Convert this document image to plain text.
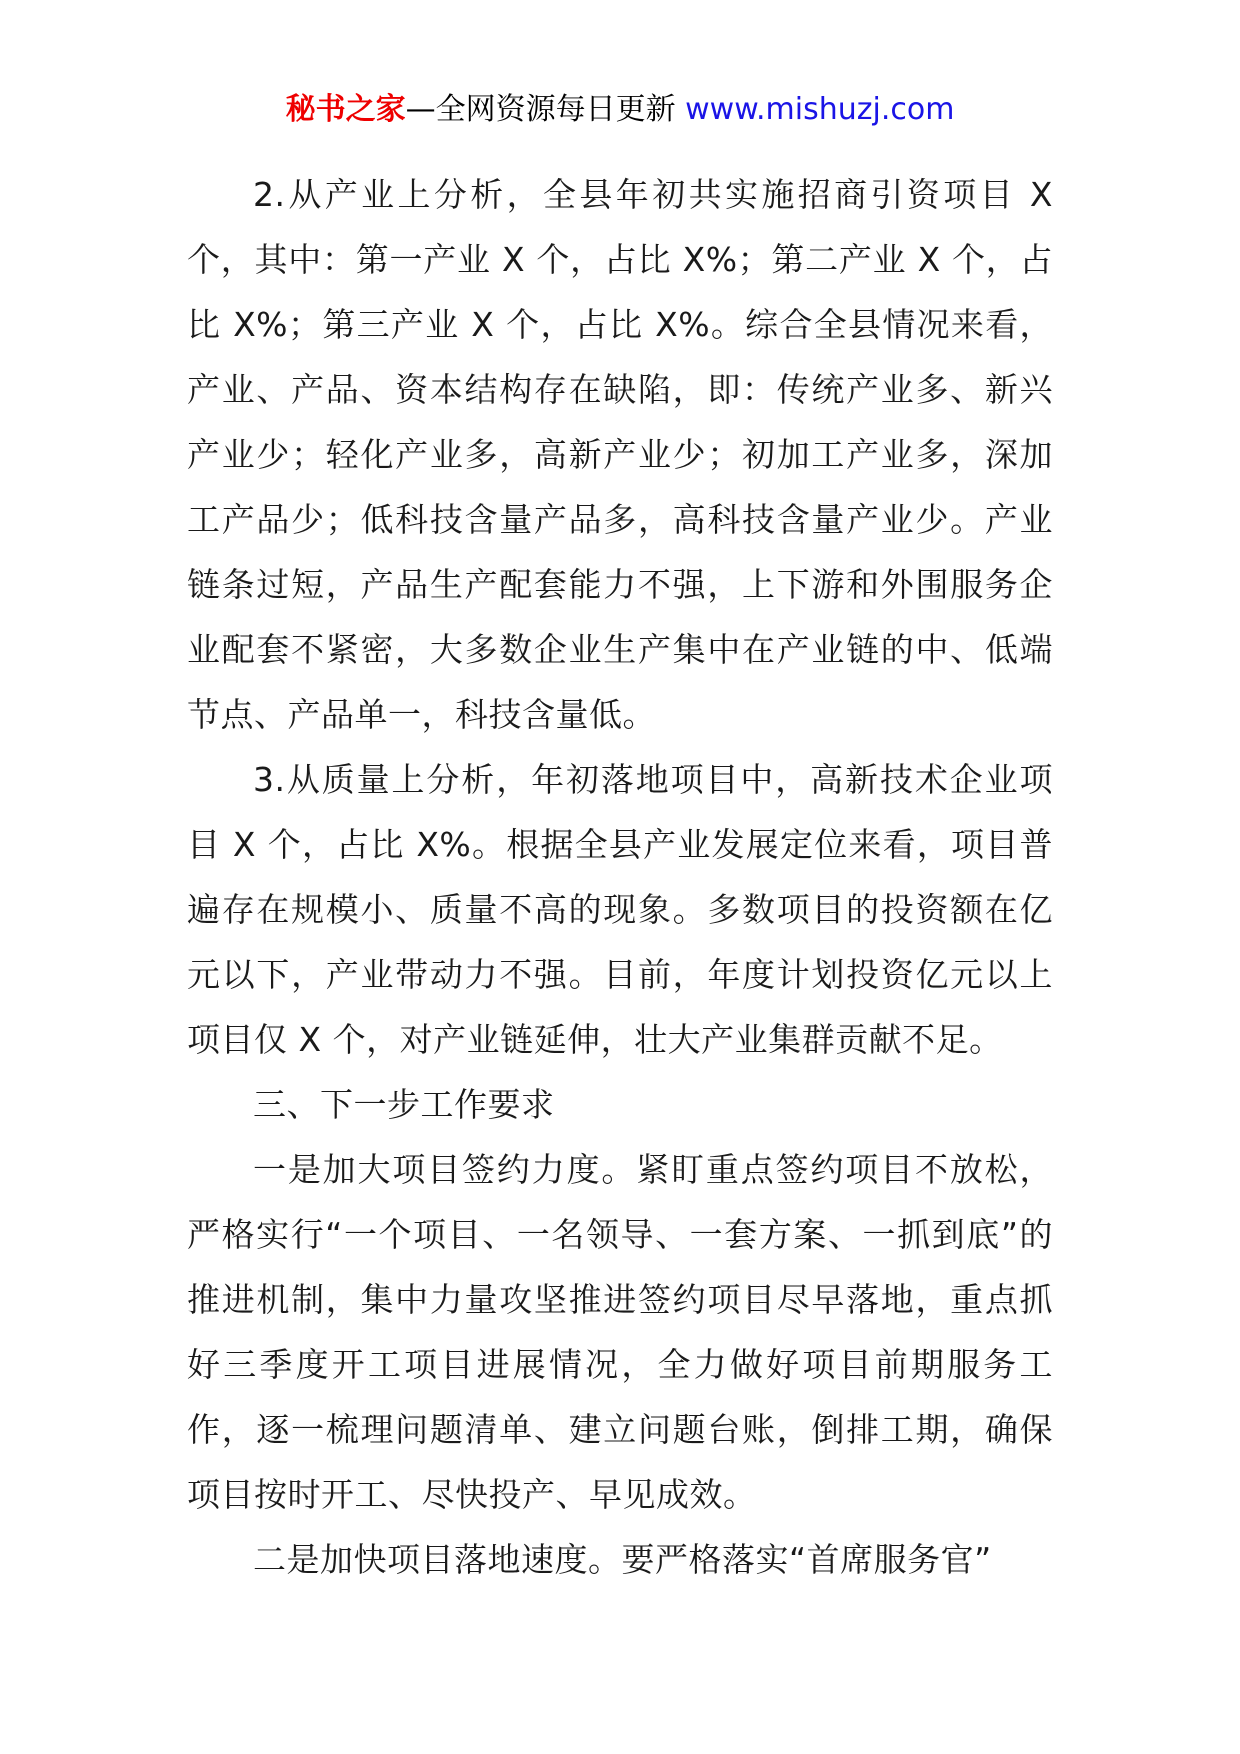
秘书之家—全网资源每日更新 www.mishuzj.com

2.从产业上分析，全县年初共实施招商引资项目 X 个，其中：第一产业 X 个，占比 X%；第二产业 X 个，占比 X%；第三产业 X 个，占比 X%。综合全县情况来看，产业、产品、资本结构存在缺陷，即：传统产业多、新兴产业少；轻化产业多，高新产业少；初加工产业多，深加工产品少；低科技含量产品多，高科技含量产业少。产业链条过短，产品生产配套能力不强，上下游和外围服务企业配套不紧密，大多数企业生产集中在产业链的中、低端节点、产品单一，科技含量低。

3.从质量上分析，年初落地项目中，高新技术企业项目 X 个，占比 X%。根据全县产业发展定位来看，项目普遍存在规模小、质量不高的现象。多数项目的投资额在亿元以下，产业带动力不强。目前，年度计划投资亿元以上项目仅 X 个，对产业链延伸，壮大产业集群贡献不足。

三、下一步工作要求

一是加大项目签约力度。紧盯重点签约项目不放松，严格实行“一个项目、一名领导、一套方案、一抓到底”的推进机制，集中力量攻坚推进签约项目尽早落地，重点抓好三季度开工项目进展情况，全力做好项目前期服务工作，逐一梳理问题清单、建立问题台账，倒排工期，确保项目按时开工、尽快投产、早见成效。

二是加快项目落地速度。要严格落实“首席服务官”
